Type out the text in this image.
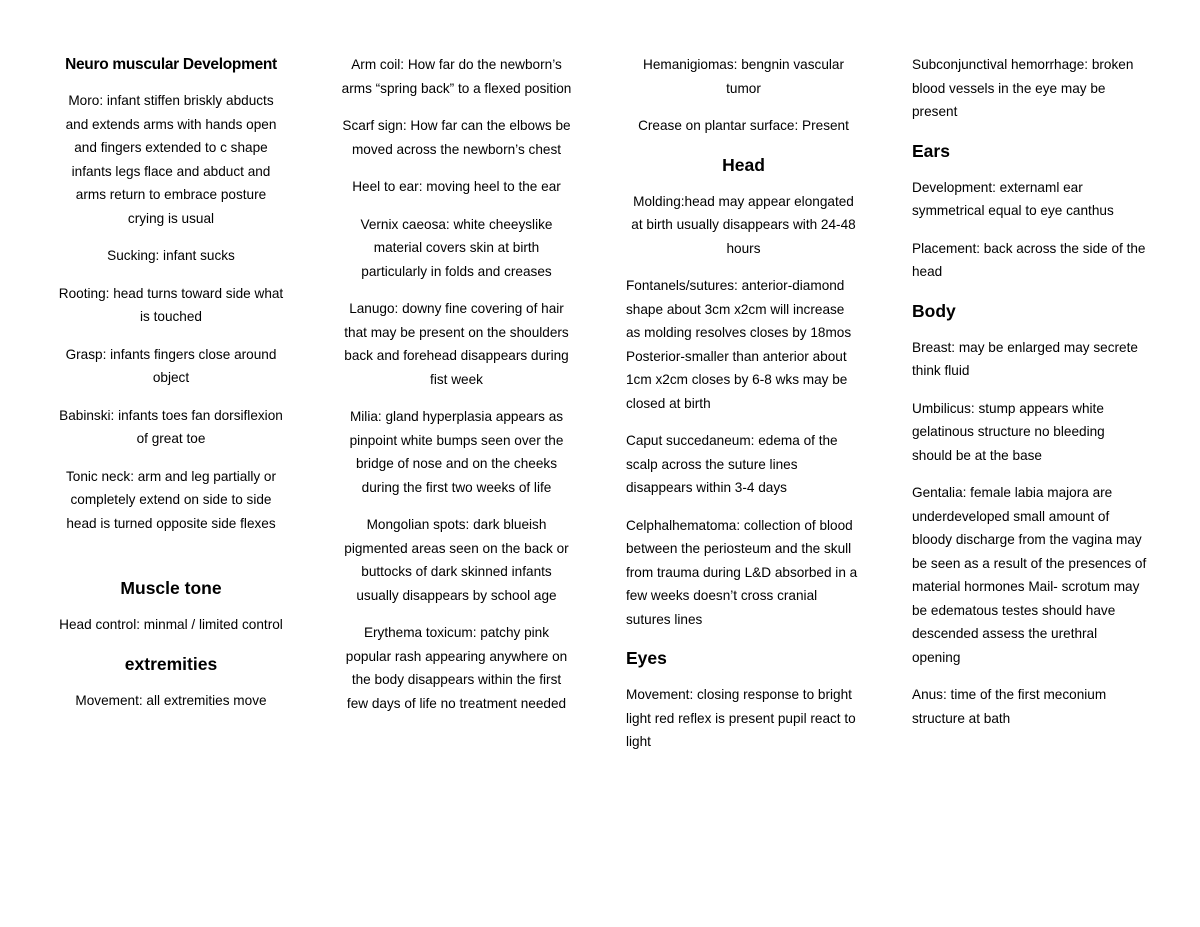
Neuro muscular Development

Moro: infant stiffen briskly abducts and extends arms with hands open and fingers extended to c shape infants legs flace and abduct and arms return to embrace posture crying is usual

Sucking: infant sucks

Rooting: head turns toward side what is touched

Grasp: infants fingers close around object

Babinski: infants toes fan dorsiflexion of great toe

Tonic neck: arm and leg partially or completely extend on side to side head is turned opposite side flexes

Muscle tone

Head control: minmal / limited control

extremities

Movement: all extremities move

Arm coil: How far do the newborn’s arms “spring back” to a flexed position

Scarf sign: How far can the elbows be moved across the newborn’s chest

Heel to ear: moving heel to the ear

Vernix caeosa: white cheeyslike material covers skin at birth particularly in folds and creases

Lanugo: downy fine covering of hair that may be present on the shoulders back and forehead disappears during fist week

Milia: gland hyperplasia appears as pinpoint white bumps seen over the bridge of nose and on the cheeks during the first two weeks of life

Mongolian spots: dark blueish pigmented areas seen on the back or buttocks of dark skinned infants usually disappears by school age

Erythema toxicum: patchy pink popular rash appearing anywhere on the body disappears within the first few days of life no treatment needed

Hemanigiomas: bengnin vascular tumor

Crease on plantar surface: Present

Head

Molding:head may appear elongated at birth usually disappears with 24-48 hours

Fontanels/sutures: anterior-diamond shape about 3cm x2cm will increase as molding resolves closes by 18mos Posterior-smaller than anterior about 1cm x2cm closes by 6-8 wks may be closed at birth

Caput succedaneum: edema of the scalp across the suture lines disappears within 3-4 days

Celphalhematoma: collection of blood between the periosteum and the skull from trauma during L&D absorbed in a few weeks doesn’t cross cranial sutures lines

Eyes

Movement: closing response to bright light red reflex is present pupil react to light

Subconjunctival hemorrhage: broken blood vessels in the eye may be present

Ears

Development: externaml ear symmetrical equal to eye canthus

Placement: back across the side of the head

Body

Breast: may be enlarged may secrete think fluid

Umbilicus: stump appears white gelatinous structure no bleeding should be at the base

Gentalia: female labia majora are underdeveloped small amount of bloody discharge from the vagina may be seen as a result of the presences of material hormones Mail- scrotum may be edematous testes should have descended assess the urethral opening

Anus: time of the first meconium structure at bath
